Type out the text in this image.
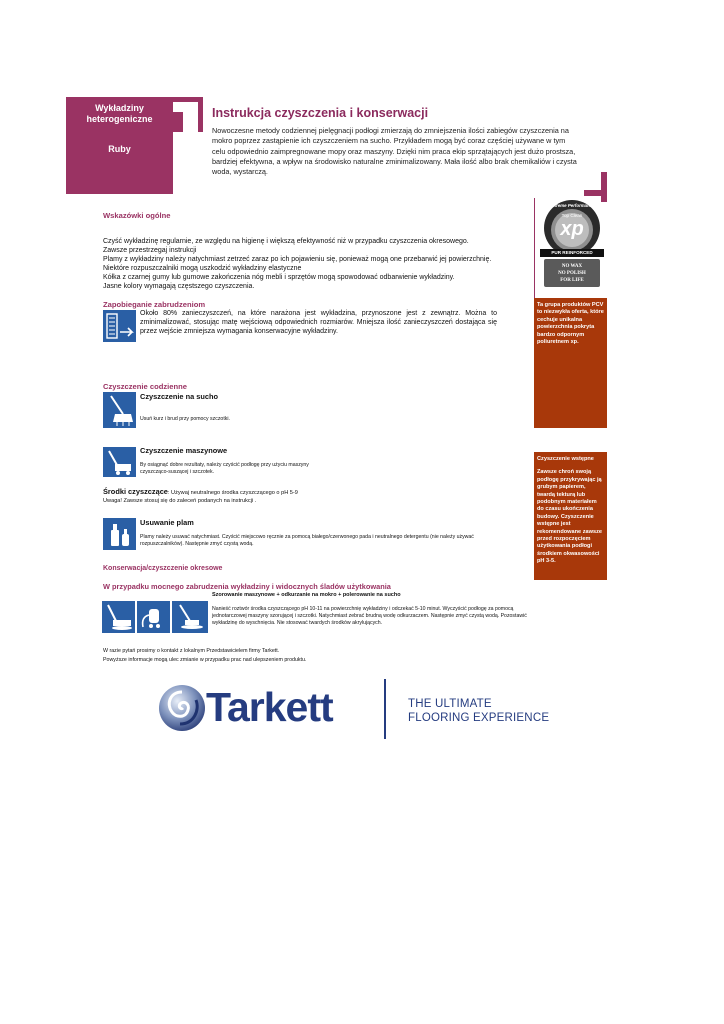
Wykładziny
heterogeniczne
Ruby
Instrukcja czyszczenia i konserwacji
Nowoczesne metody codziennej pielęgnacji podłogi zmierzają do zmniejszenia ilości zabiegów czyszczenia na mokro poprzez zastąpienie ich czyszczeniem na sucho. Przykładem mogą być coraz częściej używane w tym celu odpowiednio zaimpregnowane mopy oraz maszyny. Dzięki nim praca ekip sprzątających jest dużo prostsza, bardziej efektywna, a wpływ na środowisko naturalne zminimalizowany. Mała ilość albo brak chemikaliów i czysta woda, wystarczą.
Wskazówki ogólne
Czyść wykładzinę regularnie, ze względu na higienę i większą efektywność niż w przypadku czyszczenia okresowego.
Zawsze przestrzegaj instrukcji
Plamy z wykładziny należy natychmiast zetrzeć zaraz po ich pojawieniu się, ponieważ mogą one przebarwić jej powierzchnię.
Niektóre rozpuszczalniki mogą uszkodzić wykładziny elastyczne
Kółka z czarnej gumy lub gumowe zakończenia nóg mebli i sprzętów mogą spowodować odbarwienie wykładziny.
Jasne kolory wymagają częstszego czyszczenia.
Zapobieganie zabrudzeniom
Około 80% zanieczyszczeń, na które narażona jest wykładzina, przynoszone jest z zewnątrz. Można to zminimalizować, stosując matę wejściową odpowiednich rozmiarów. Mniejsza ilość zanieczyszczeń dostająca się przez wejście zmniejsza wymagania konserwacyjne wykładziny.
Czyszczenie codzienne
Czyszczenie na sucho
Usuń kurz i brud przy pomocy szczotki.
Czyszczenie maszynowe
By osiągnąć dobre rezultaty, należy czyścić podłogę przy użyciu maszyny czyszcząco-suszącej i szczotek.
Środki czyszczące: Używaj neutralnego środka czyszczącego o pH 5-9
Uwaga! Zawsze stosuj się do zaleceń podanych na instrukcji .
Usuwanie plam
Plamy należy usuwać natychmiast. Czyścić miejscowo ręcznie za pomocą białego/czerwonego pada i neutralnego detergentu (nie należy używać rozpuszczalników). Następnie zmyć czystą wodą.
Konserwacja/czyszczenie okresowe
W przypadku mocnego zabrudzenia wykładziny i widocznych śladów użytkowania
Szorowanie maszynowe + odkurzanie na mokro + polerowanie na sucho
Nanieść roztwór środka czyszczącego pH 10-11 na powierzchnię wykładziny i odczekać 5-10 minut. Wyczyścić podłogę za pomocą jednotarczowej maszyny szorującej i szczotki. Natychmiast zebrać brudną wodę odkurzaczem. Następnie zmyć czystą wodą. Pozostawić wykładzinę do wyschnięcia. Nie stosować twardych środków akrylujących.
W razie pytań prosimy o kontakt z lokalnym Przedstawicielem firmy Tarkett.
Powyższe informacje mogą ulec zmianie w przypadku prac nad ulepszeniem produktu.
Extreme Performance
Top Clean
xp
PUR REINFORCED
NO WAX
NO POLISH
FOR LIFE
Ta grupa produktów PCV to niezwykła oferta, które cechuje unikalna powierzchnia pokryta bardzo odpornym poliuretnem xp.
Czyszczenie wstępne
Zawsze chroń swoją podłogę przykrywając ją grubym papierem, twardą tekturą lub podobnym materiałem do czasu ukończenia budowy. Czyszczenie wstępne jest rekomendowane zawsze przed rozpoczęciem użytkowania podłogi środkiem okwasowości pH 3-5.
Tarkett	THE ULTIMATE
FLOORING EXPERIENCE
